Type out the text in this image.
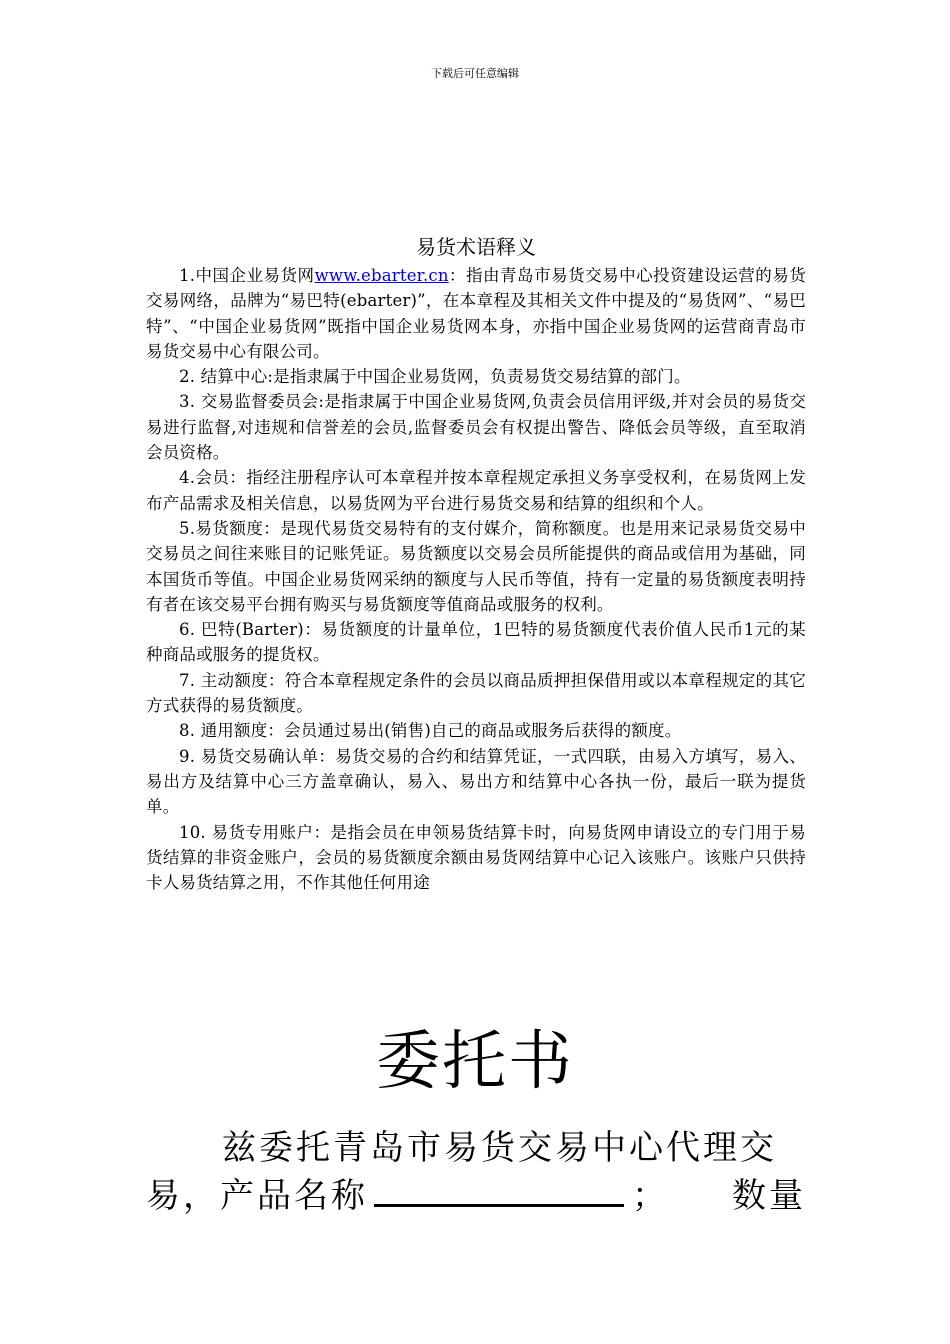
下载后可任意编辑
易货术语释义

1.中国企业易货网www.ebarter.cn：指由青岛市易货交易中心投资建设运营的易货交易网络，品牌为“易巴特(ebarter)”，在本章程及其相关文件中提及的“易货网”、“易巴特”、“中国企业易货网”既指中国企业易货网本身，亦指中国企业易货网的运营商青岛市易货交易中心有限公司。

2. 结算中心:是指隶属于中国企业易货网，负责易货交易结算的部门。

3. 交易监督委员会:是指隶属于中国企业易货网,负责会员信用评级,并对会员的易货交易进行监督,对违规和信誉差的会员,监督委员会有权提出警告、降低会员等级，直至取消会员资格。

4.会员：指经注册程序认可本章程并按本章程规定承担义务享受权利，在易货网上发布产品需求及相关信息，以易货网为平台进行易货交易和结算的组织和个人。

5.易货额度：是现代易货交易特有的支付媒介，简称额度。也是用来记录易货交易中交易员之间往来账目的记账凭证。易货额度以交易会员所能提供的商品或信用为基础，同本国货币等值。中国企业易货网采纳的额度与人民币等值，持有一定量的易货额度表明持有者在该交易平台拥有购买与易货额度等值商品或服务的权利。

6. 巴特(Barter)：易货额度的计量单位，1巴特的易货额度代表价值人民币1元的某种商品或服务的提货权。

7. 主动额度：符合本章程规定条件的会员以商品质押担保借用或以本章程规定的其它方式获得的易货额度。

8. 通用额度：会员通过易出(销售)自己的商品或服务后获得的额度。

9. 易货交易确认单：易货交易的合约和结算凭证，一式四联，由易入方填写，易入、易出方及结算中心三方盖章确认，易入、易出方和结算中心各执一份，最后一联为提货单。

10. 易货专用账户：是指会员在申领易货结算卡时，向易货网申请设立的专门用于易货结算的非资金账户，会员的易货额度余额由易货网结算中心记入该账户。该账户只供持卡人易货结算之用，不作其他任何用途

委托书

兹委托青岛市易货交易中心代理交

易，产品名称	； 数量
